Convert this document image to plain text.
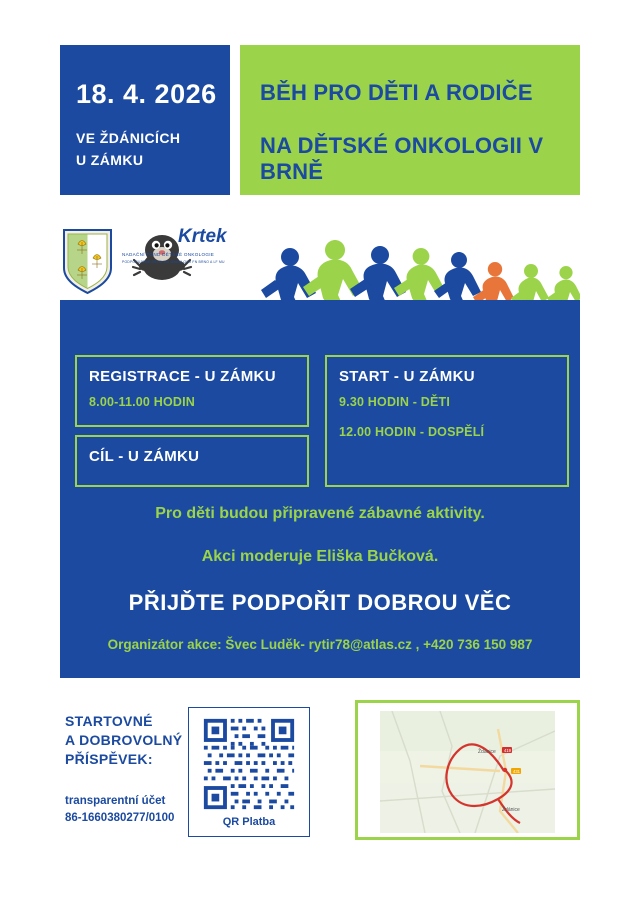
18. 4. 2026
VE ŽDÁNICÍCH
U ZÁMKU
BĚH PRO DĚTI A RODIČE
NA DĚTSKÉ ONKOLOGII V BRNĚ
Krtek
NADAČNÍ FOND DĚTSKÉ ONKOLOGIE
PODPORUJEME DĚTSKOU ONKOLOGII FN BRNO A LF MU
REGISTRACE - U ZÁMKU
8.00-11.00 HODIN
CÍL - U ZÁMKU
START - U ZÁMKU
9.30 HODIN - DĚTI
12.00 HODIN - DOSPĚLÍ
Pro děti budou připravené zábavné aktivity.
Akci moderuje Eliška Bučková.
PŘIJĎTE PODPOŘIT DOBROU VĚC
Organizátor akce: Švec Luděk- rytir78@atlas.cz , +420 736 150 987
STARTOVNÉ
A DOBROVOLNÝ
PŘÍSPĚVEK:
transparentní účet
86-1660380277/0100	QR Platba
Ždánice 419
Ždánice
431
